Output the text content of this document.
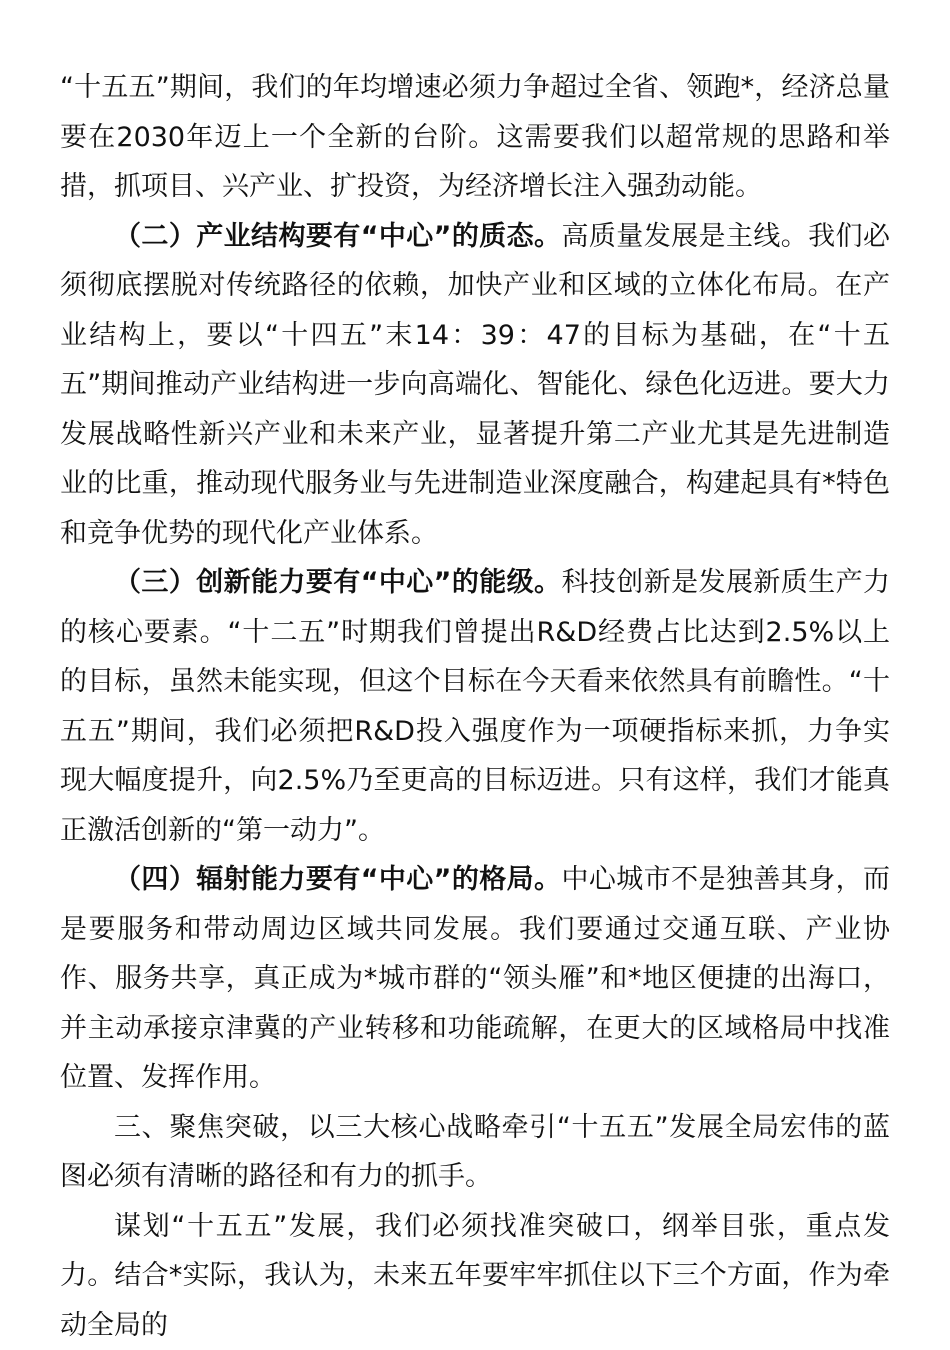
“十五五”期间，我们的年均增速必须力争超过全省、领跑*，经济总量要在2030年迈上一个全新的台阶。这需要我们以超常规的思路和举措，抓项目、兴产业、扩投资，为经济增长注入强劲动能。

（二）产业结构要有“中心”的质态。高质量发展是主线。我们必须彻底摆脱对传统路径的依赖，加快产业和区域的立体化布局。在产业结构上，要以“十四五”末14：39：47的目标为基础，在“十五五”期间推动产业结构进一步向高端化、智能化、绿色化迈进。要大力发展战略性新兴产业和未来产业，显著提升第二产业尤其是先进制造业的比重，推动现代服务业与先进制造业深度融合，构建起具有*特色和竞争优势的现代化产业体系。

（三）创新能力要有“中心”的能级。科技创新是发展新质生产力的核心要素。“十二五”时期我们曾提出R&D经费占比达到2.5%以上的目标，虽然未能实现，但这个目标在今天看来依然具有前瞻性。“十五五”期间，我们必须把R&D投入强度作为一项硬指标来抓，力争实现大幅度提升，向2.5%乃至更高的目标迈进。只有这样，我们才能真正激活创新的“第一动力”。

（四）辐射能力要有“中心”的格局。中心城市不是独善其身，而是要服务和带动周边区域共同发展。我们要通过交通互联、产业协作、服务共享，真正成为*城市群的“领头雁”和*地区便捷的出海口，并主动承接京津冀的产业转移和功能疏解，在更大的区域格局中找准位置、发挥作用。

三、聚焦突破，以三大核心战略牵引“十五五”发展全局宏伟的蓝图必须有清晰的路径和有力的抓手。

谋划“十五五”发展，我们必须找准突破口，纲举目张，重点发力。结合*实际，我认为，未来五年要牢牢抓住以下三个方面，作为牵动全局的
